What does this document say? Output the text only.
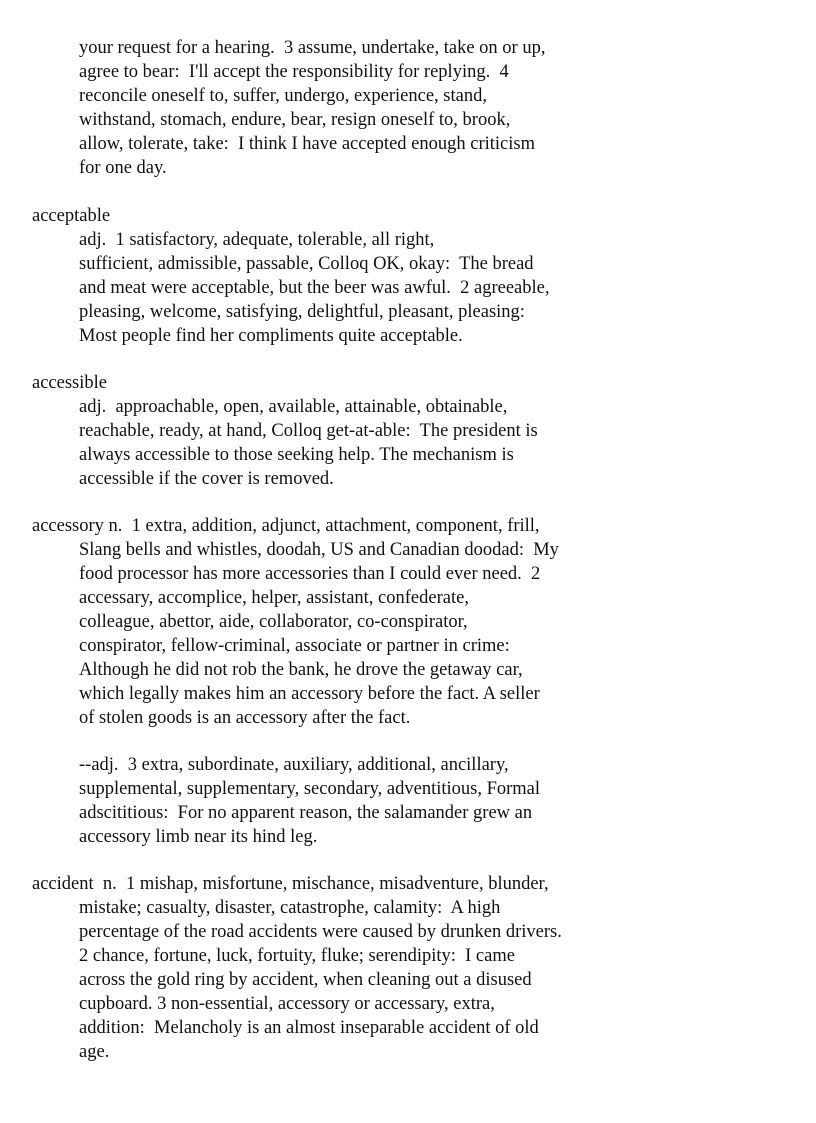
your request for a hearing.  3 assume, undertake, take on or up,
agree to bear:  I'll accept the responsibility for replying.  4
reconcile oneself to, suffer, undergo, experience, stand,
withstand, stomach, endure, bear, resign oneself to, brook,
allow, tolerate, take:  I think I have accepted enough criticism
for one day.
acceptable
adj.  1 satisfactory, adequate, tolerable, all right,
sufficient, admissible, passable, Colloq OK, okay:  The bread
and meat were acceptable, but the beer was awful.  2 agreeable,
pleasing, welcome, satisfying, delightful, pleasant, pleasing:
Most people find her compliments quite acceptable.
accessible
adj.  approachable, open, available, attainable, obtainable,
reachable, ready, at hand, Colloq get-at-able:  The president is
always accessible to those seeking help. The mechanism is
accessible if the cover is removed.
accessory n.  1 extra, addition, adjunct, attachment, component, frill,
Slang bells and whistles, doodah, US and Canadian doodad:  My
food processor has more accessories than I could ever need.  2
accessary, accomplice, helper, assistant, confederate,
colleague, abettor, aide, collaborator, co-conspirator,
conspirator, fellow-criminal, associate or partner in crime:
Although he did not rob the bank, he drove the getaway car,
which legally makes him an accessory before the fact. A seller
of stolen goods is an accessory after the fact.
--adj.  3 extra, subordinate, auxiliary, additional, ancillary,
supplemental, supplementary, secondary, adventitious, Formal
adscititious:  For no apparent reason, the salamander grew an
accessory limb near its hind leg.
accident  n.  1 mishap, misfortune, mischance, misadventure, blunder,
mistake; casualty, disaster, catastrophe, calamity:  A high
percentage of the road accidents were caused by drunken drivers.
2 chance, fortune, luck, fortuity, fluke; serendipity:  I came
across the gold ring by accident, when cleaning out a disused
cupboard. 3 non-essential, accessory or accessary, extra,
addition:  Melancholy is an almost inseparable accident of old
age.
